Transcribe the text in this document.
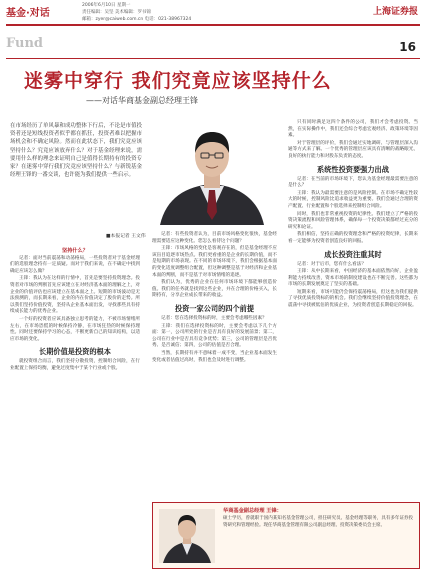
基金·对话
2006年6月10日 星期一
责任编辑：吴坚 美术编辑：罗书锦
邮箱：zyer@caiweb.com.cn 电话：021-38967324
上海证券报
Fund	16
迷雾中穿行 我们究竟应该坚持什么
——对话华商基金副总经理王锋
在市场经历了单风暴和成功整体下行后，不论是市值投资者还是短线投资者似乎都在抓狂，投资者难以把握市场机会和不确定风险。然而在此状态下，我们究竟应该坚持什么？究竟应该放弃什么？对于基金经理来说，需要用什么样的理念来证明自己是值得长期持有的投资专家？在迷雾中穿行我们究竟应该坚持什么？与新锐基金经理王锋的一番交谈，也许能为我们提供一些启示。
■本报记者 王文伟
坚持什么？

记者：面对当前震荡和动荡格局，一些投资者对于基金经理们的选股理念持有一定质疑。而对于我们来说，在不确定中找到确定应该怎么做？

王锋：我认为在这样的行情中，首先是要坚持投资理念。投资者对市场的判断首先应该建立在对经济基本面的理解之上，对企业的价值评估也应该建立在基本面之上。短期的市场波动是无法预测的，而长期来看，企业的内在价值决定了股价的走势。所以我们坚持价值投资，坚持从企业基本面出发，寻找那些具有持续成长能力的优秀企业。

一个好的投资者应该具备独立思考的能力，不被市场情绪所左右，在市场恐慌的时候保持冷静，在市场狂热的时候保持理性。同时还要保持学习的心态，不断更新自己的知识结构，以适应市场的变化。

长期价值是投资的根本

就投资组合而言，我们坚持分散投资，控制组合风险，在行业配置上保持均衡，避免过度集中于某个行业或个股。

记者：有些投资者认为，目前市场风格变化很快，基金经理需要适应这种变化。您怎么看待这个问题？

王锋：市场风格的变化是客观存在的，但是基金经理不应该盲目追逐市场热点。我们更看重的是企业的长期价值，而不是短期的市场表现。在不同的市场环境下，我们会根据基本面的变化适度调整组合配置，但这种调整是基于对经济和企业基本面的判断，而不是基于对市场情绪的追逐。

我们认为，优秀的企业在任何市场环境下都能够创造价值。我们的任务就是找到这些企业，并在合理的价格买入，长期持有，分享企业成长带来的收益。

投资一家公司的四个前提

记者：您在选择投资标的时，主要会考虑哪些因素？

王锋：我们在选择投资标的时，主要会考虑以下几个方面：第一，公司所处的行业是否具有良好的发展前景；第二，公司在行业中是否具有竞争优势；第三，公司的管理层是否优秀、是否诚信；第四，公司的估值是否合理。

当然，长期持有并不意味着一成不变，当企业基本面发生变化或者估值过高时，我们也会及时进行调整。

只有同时满足这四个条件的公司，我们才会考虑投资。当然，在实际操作中，我们还会综合考虑宏观经济、政策环境等因素。

对于管理层的评价，我们会通过实地调研、与管理层深入沟通等方式来了解。一个优秀的管理层应该具有清晰的战略眼光、良好的执行能力和对股东负责的态度。

系统性投资要强力出战

记者：在当前的市场环境下，您认为基金经理最需要注意的是什么？

王锋：我认为最需要注意的是风险控制。在市场不确定性较大的时候，控制风险比追求收益更为重要。我们会通过合理的资产配置、行业配置和个股选择来控制组合风险。

同时，我们也非常重视投资的纪律性。我们建立了严格的投资决策流程和风险管理体系，确保每一个投资决策都经过充分的研究和论证。

我们相信，坚持正确的投资理念和严格的投资纪律，长期来看一定能够为投资者创造良好的回报。

成长投资注重其时

记者：对于后市，您有什么看法？

王锋：从中长期来看，中国经济的基本面依然向好，企业盈利能力持续改善，资本市场的制度建设也在不断完善。这些都为市场的长期发展奠定了坚实的基础。

短期来看，市场可能仍会保持震荡格局，但这也为我们提供了寻找优质投资标的的机会。我们会继续坚持价值投资理念，在震荡中寻找被低估的优质企业，为投资者创造长期稳定的回报。

华商基金副总经理 王锋：
硕士学历，曾就职于国内某知名基金管理公司，担任研究员、基金经理等职务，具有多年证券投资研究和管理经验。现任华商基金管理有限公司副总经理、投资决策委员会主席。
